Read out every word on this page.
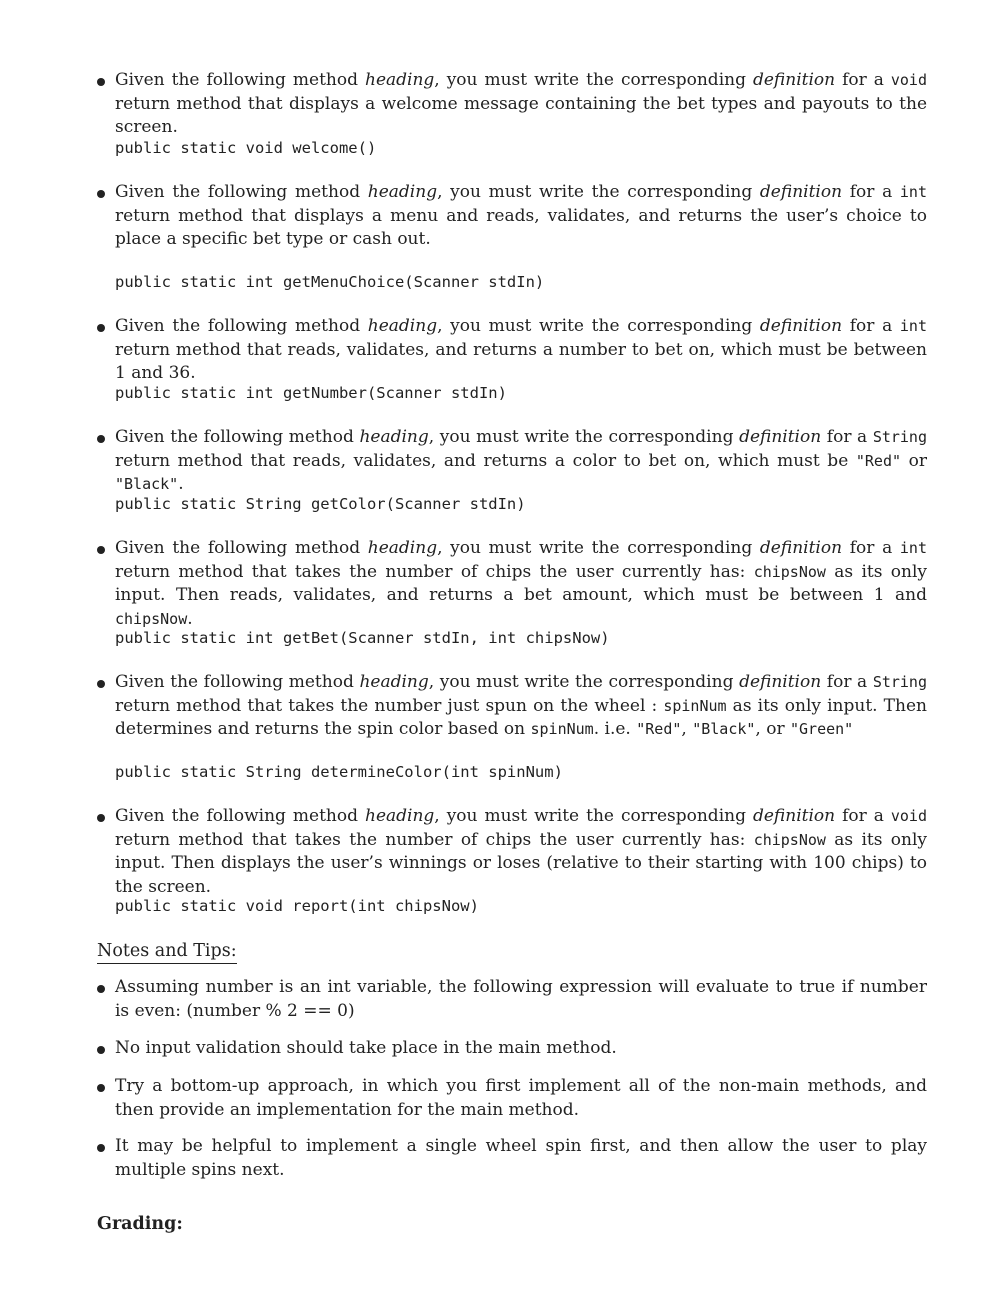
Given the following method heading, you must write the corresponding definition for a void return method that displays a welcome message containing the bet types and payouts to the screen.
public static void welcome()
Given the following method heading, you must write the corresponding definition for a int return method that displays a menu and reads, validates, and returns the user’s choice to place a specific bet type or cash out.
public static int getMenuChoice(Scanner stdIn)
Given the following method heading, you must write the corresponding definition for a int return method that reads, validates, and returns a number to bet on, which must be between 1 and 36.
public static int getNumber(Scanner stdIn)
Given the following method heading, you must write the corresponding definition for a String return method that reads, validates, and returns a color to bet on, which must be "Red" or "Black".
public static String getColor(Scanner stdIn)
Given the following method heading, you must write the corresponding definition for a int return method that takes the number of chips the user currently has: chipsNow as its only input. Then reads, validates, and returns a bet amount, which must be between 1 and chipsNow.
public static int getBet(Scanner stdIn, int chipsNow)
Given the following method heading, you must write the corresponding definition for a String return method that takes the number just spun on the wheel : spinNum as its only input. Then determines and returns the spin color based on spinNum. i.e. "Red", "Black", or "Green"
public static String determineColor(int spinNum)
Given the following method heading, you must write the corresponding definition for a void return method that takes the number of chips the user currently has: chipsNow as its only input. Then displays the user’s winnings or loses (relative to their starting with 100 chips) to the screen.
public static void report(int chipsNow)
Notes and Tips:
Assuming number is an int variable, the following expression will evaluate to true if number is even: (number % 2 == 0)
No input validation should take place in the main method.
Try a bottom-up approach, in which you first implement all of the non-main methods, and then provide an implementation for the main method.
It may be helpful to implement a single wheel spin first, and then allow the user to play multiple spins next.
Grading:
